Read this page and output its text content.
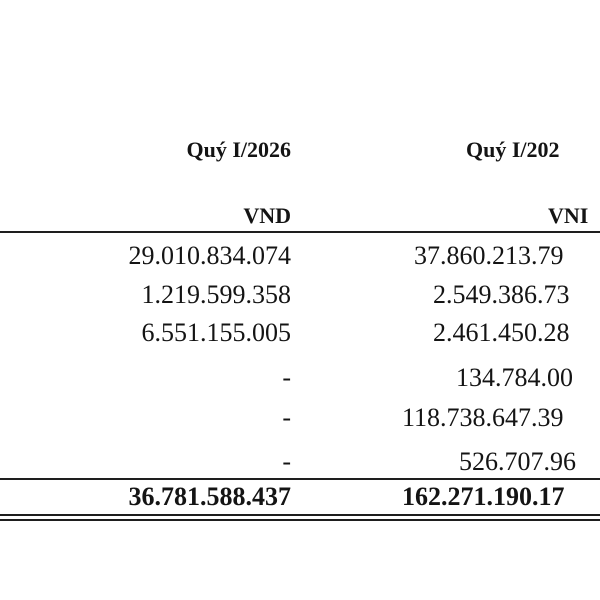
Quý I/2026	Quý I/202
VND	VNI
29.010.834.074	37.860.213.79
1.219.599.358	2.549.386.73
6.551.155.005	2.461.450.28
-	134.784.00
-	118.738.647.39
-	526.707.96
36.781.588.437	162.271.190.17
